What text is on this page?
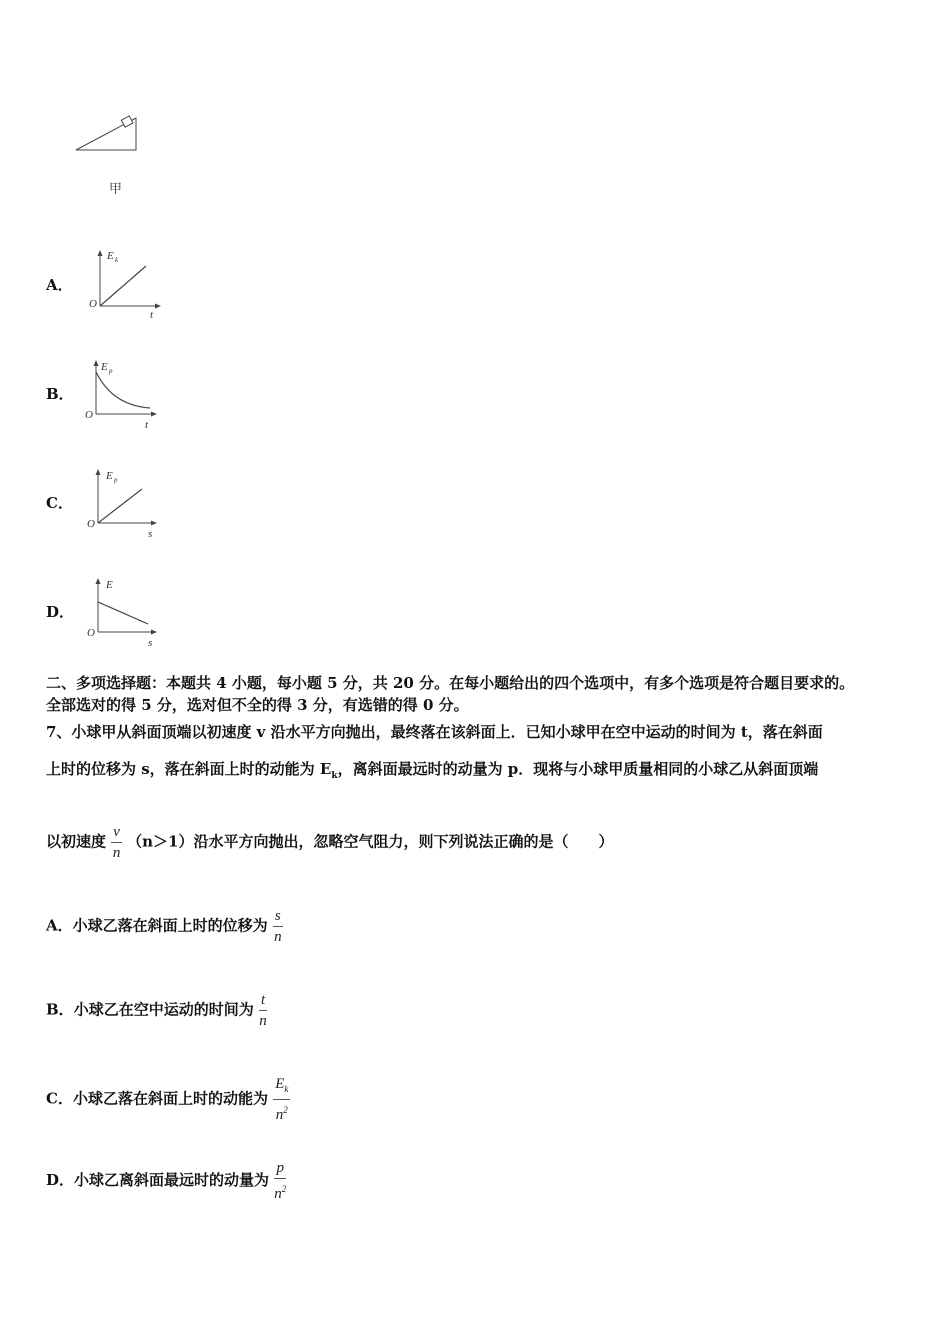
甲
A．
E k
O
t
B．
E p
O
t
C．
E p
O
s
D．
E
O
s
二、多项选择题：本题共 4 小题，每小题 5 分，共 20 分。在每小题给出的四个选项中，有多个选项是符合题目要求的。
全部选对的得 5 分，选对但不全的得 3 分，有选错的得 0 分。
7、小球甲从斜面顶端以初速度 v 沿水平方向抛出，最终落在该斜面上．已知小球甲在空中运动的时间为 t，落在斜面
上时的位移为 s，落在斜面上时的动能为 $E_k$，离斜面最远时的动量为 p．现将与小球甲质量相同的小球乙从斜面顶端
以初速度 $\frac{v}{n} (n>1)$沿水平方向抛出，忽略空气阻力，则下列说法正确的是（　　）
A．小球乙落在斜面上时的位移为 $\frac{s}{n}$
B．小球乙在空中运动的时间为 $\frac{t}{n}$
C．小球乙落在斜面上时的动能为 $\frac{E_k}{n^2}$
D．小球乙离斜面最远时的动量为 $\frac{p}{n^2}$
